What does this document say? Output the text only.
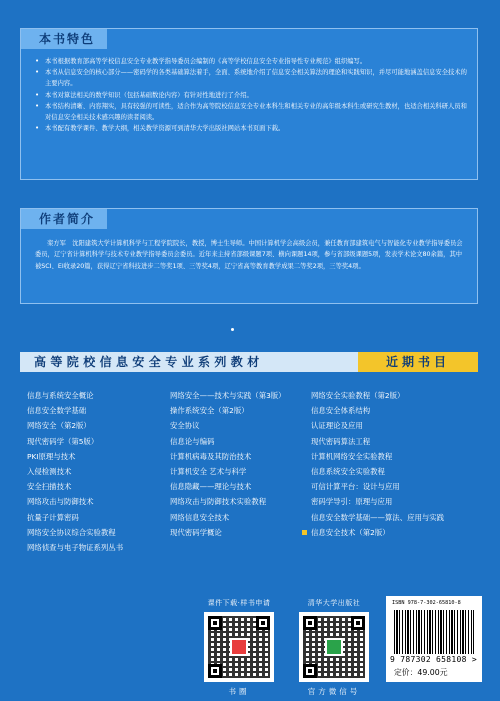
本书特色
• 本书根据教育部高等学校信息安全专业教学指导委员会编制的《高等学校信息安全专业指导性专业规范》组织编写。
• 本书从信息安全的核心部分——密码学的各类基础算法着手，全面、系统地介绍了信息安全相关算法的理论和实践知识，并尽可能地涵盖信息安全技术的主要内容。
• 本书对算法相关的数学知识（包括基础数论内容）有针对性地进行了介绍。
• 本书结构清晰、内容翔实，具有较强的可读性，适合作为高等院校信息安全专业本科生和相关专业的高年级本科生或研究生教材，也适合相关科研人员和对信息安全相关技术感兴趣的读者阅读。
• 本书配有教学课件、教学大纲，相关教学资源可到清华大学出版社网站本书页面下载。
作者简介
栾方军　沈阳建筑大学计算机科学与工程学院院长，教授，博士生导师。中国计算机学会高级会员，兼任教育部建筑电气与智能化专业教学指导委员会委员，辽宁省计算机科学与技术专业教学指导委员会委员。近年来主持省部级课题7项、横向课题14项，参与省部级课题5项，发表学术论文80余篇，其中被SCI、EI收录20篇，获得辽宁省科技进步二等奖1项、三等奖4项，辽宁省高等教育教学成果二等奖2项，三等奖4项。
高等院校信息安全专业系列教材	近期书目
信息与系统安全概论
信息安全数学基础
网络安全（第2版）
现代密码学（第5版）
PKI原理与技术
入侵检测技术
安全扫描技术
网络攻击与防御技术
抗量子计算密码
网络安全协议综合实验教程
网络侦查与电子物证系列丛书
网络安全——技术与实践（第3版）
操作系统安全（第2版）
安全协议
信息论与编码
计算机病毒及其防治技术
计算机安全 艺术与科学
信息隐藏——理论与技术
网络攻击与防御技术实验教程
网络信息安全技术
现代密码学概论
网络安全实验教程（第2版）
信息安全体系结构
认证理论及应用
现代密码算法工程
计算机网络安全实验教程
信息系统安全实验教程
可信计算平台：设计与应用
密码学导引：原理与应用
信息安全数学基础——算法、应用与实践
信息安全技术（第2版）
课件下载·样书申请	清华大学出版社
书圈	官方微信号
ISBN 978-7-302-65810-8
9 787302 658108 >
定价：49.00元
